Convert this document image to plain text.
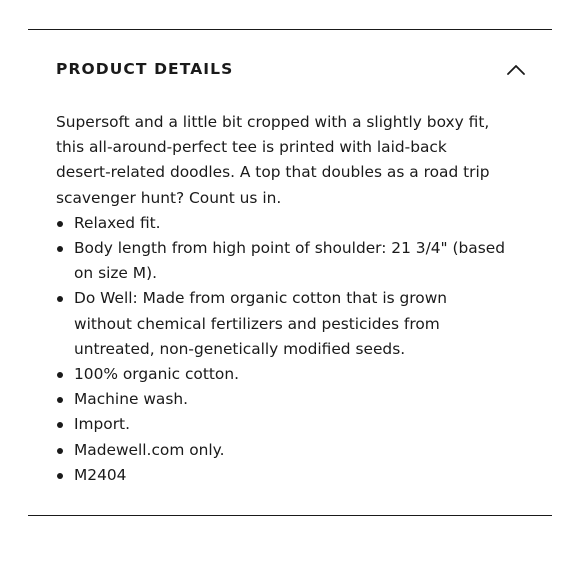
PRODUCT DETAILS

Supersoft and a little bit cropped with a slightly boxy fit, this all-around-perfect tee is printed with laid-back desert-related doodles. A top that doubles as a road trip scavenger hunt? Count us in.

Relaxed fit.
Body length from high point of shoulder: 21 3/4" (based on size M).
Do Well: Made from organic cotton that is grown without chemical fertilizers and pesticides from untreated, non-genetically modified seeds.
100% organic cotton.
Machine wash.
Import.
Madewell.com only.
M2404
